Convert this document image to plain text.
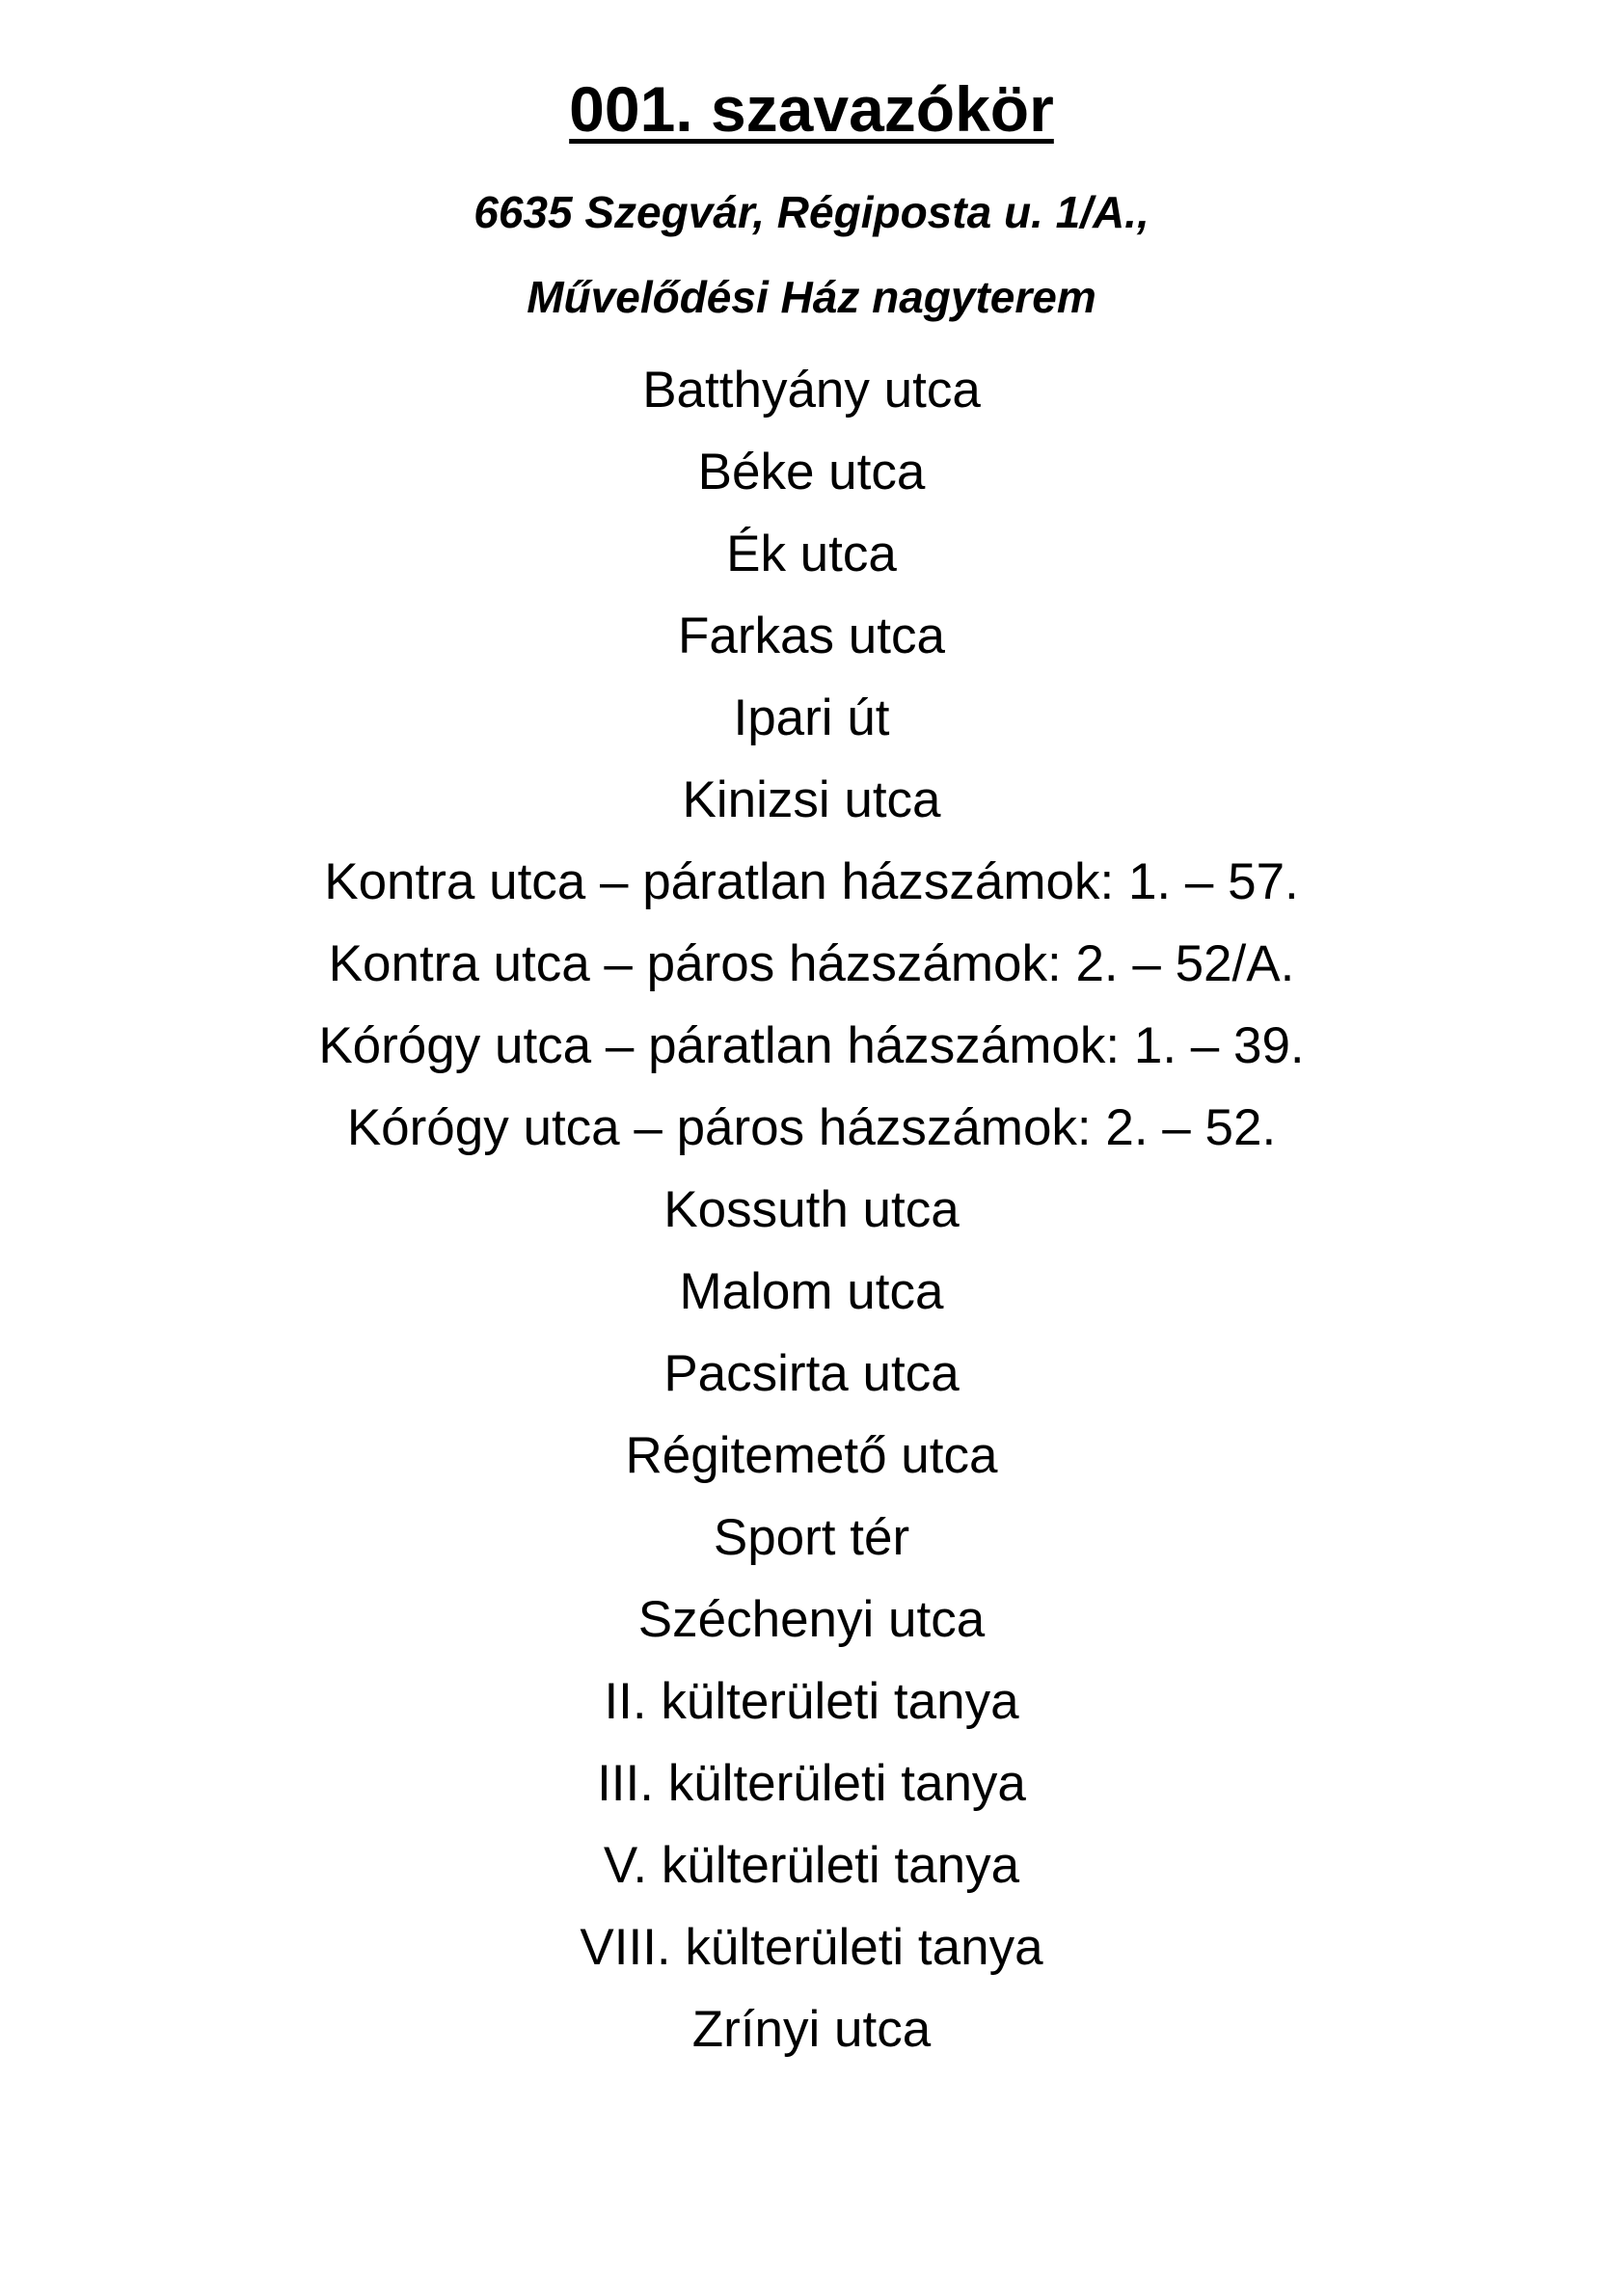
001. szavazókör

6635 Szegvár, Régiposta u. 1/A.,

Művelődési Ház nagyterem

Batthyány utca
Béke utca
Ék utca
Farkas utca
Ipari út
Kinizsi utca
Kontra utca – páratlan házszámok: 1. – 57.
Kontra utca – páros házszámok: 2. – 52/A.
Kórógy utca – páratlan házszámok: 1. – 39.
Kórógy utca – páros házszámok: 2. – 52.
Kossuth utca
Malom utca
Pacsirta utca
Régitemető utca
Sport tér
Széchenyi utca
II. külterületi tanya
III. külterületi tanya
V. külterületi tanya
VIII. külterületi tanya
Zrínyi utca
